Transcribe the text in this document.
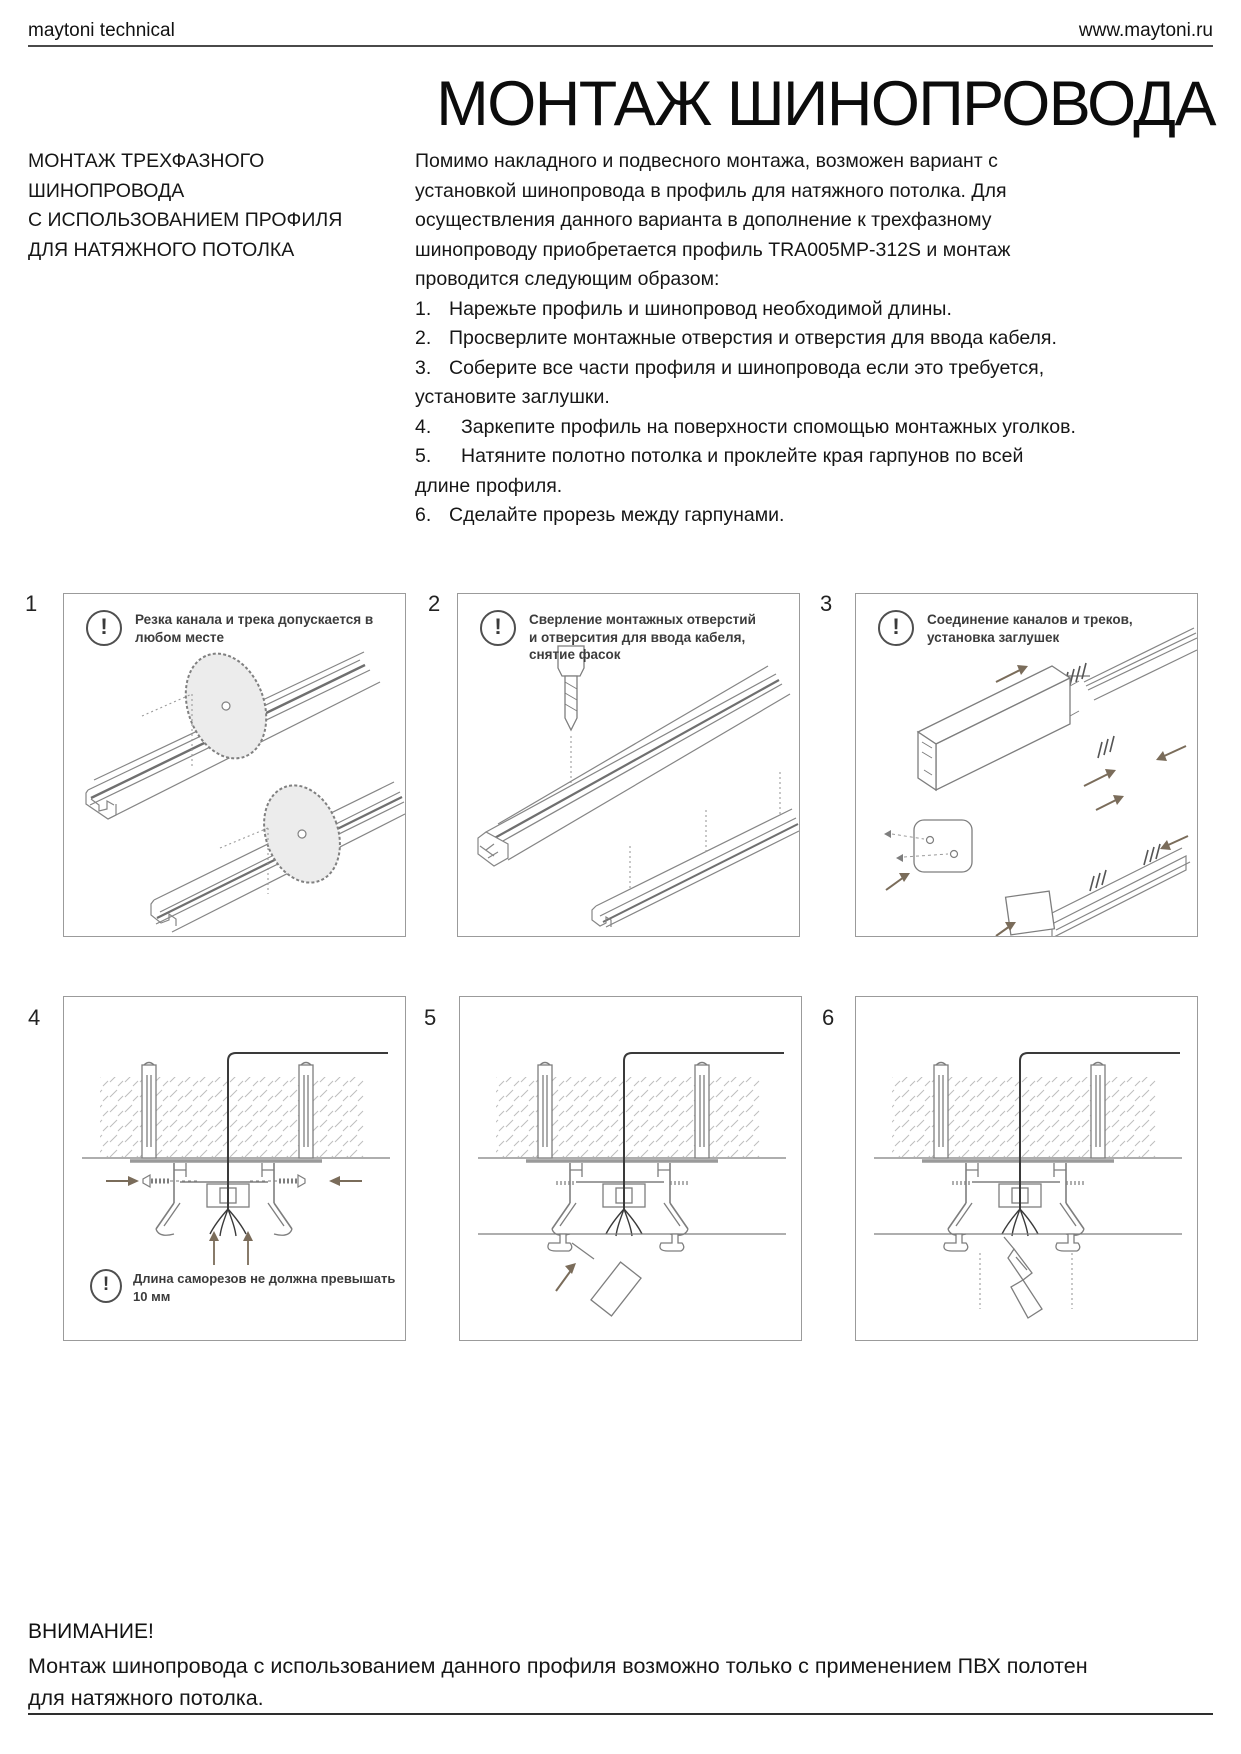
maytoni technical	www.maytoni.ru
МОНТАЖ ШИНОПРОВОДА
МОНТАЖ ТРЕХФАЗНОГО
ШИНОПРОВОДА
С ИСПОЛЬЗОВАНИЕМ ПРОФИЛЯ
ДЛЯ НАТЯЖНОГО ПОТОЛКА
Помимо накладного и подвесного монтажа, возможен вариант с установкой шинопровода в профиль для натяжного потолка. Для осуществления данного варианта в дополнение к трехфазному шинопроводу приобретается профиль TRA005MP-312S и монтаж проводится следующим образом:
1. Нарежьте профиль и шинопровод необходимой длины.
2. Просверлите монтажные отверстия и отверстия для ввода кабеля.
3. Соберите все части профиля и шинопровода если это требуется, установите заглушки.
4. Заркепите профиль на поверхности спомощью монтажных уголков.
5. Натяните полотно потолка и проклейте края гарпунов по всей длине профиля.
6. Сделайте прорезь между гарпунами.
1	2	3
4	5	6
!	Резка канала и трека допускается в любом месте	!	Сверление монтажных отверстий и отверсития для ввода кабеля, снятие фасок
!	Соединение каналов и треков, установка заглушек
!	Длина саморезов не должна превышать 10 мм
ВНИМАНИЕ!
Монтаж шинопровода с использованием данного профиля возможно только с применением ПВХ полотен
для натяжного потолка.
